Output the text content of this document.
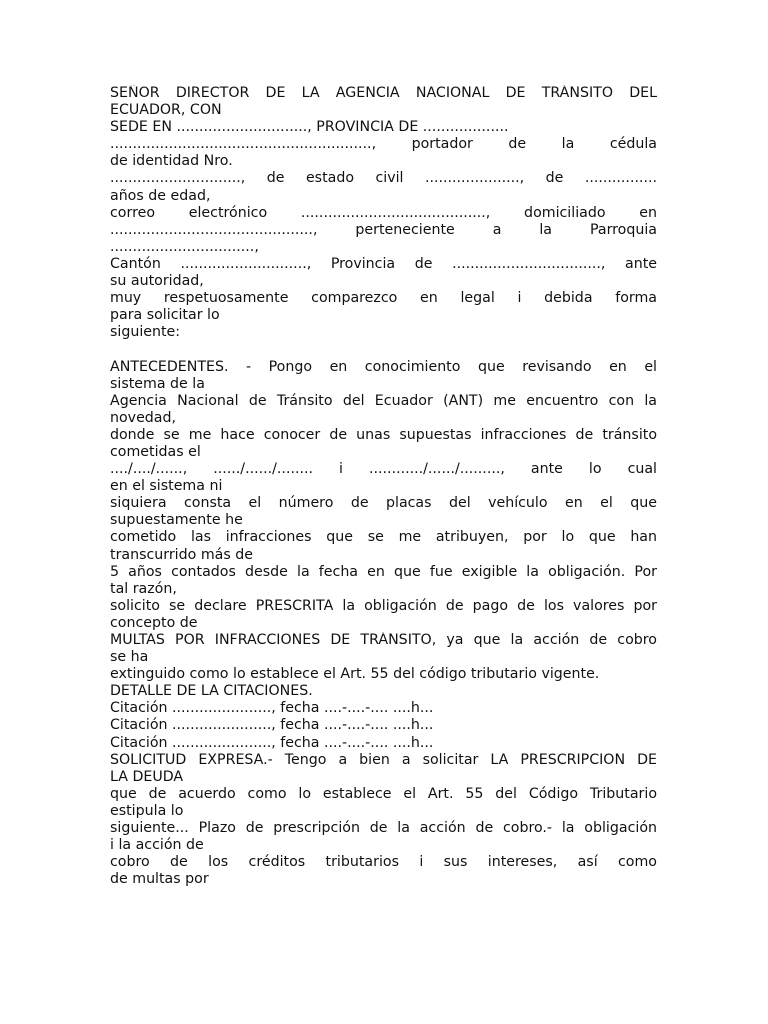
SEÑOR DIRECTOR DE LA AGENCIA NACIONAL DE TRÁNSITO DEL
ECUADOR, CON
SEDE EN ............................., PROVINCIA DE ...................
.........................................................., portador de la cédula
de identidad Nro.
............................., de estado civil ....................., de ................
años de edad,
correo electrónico ........................................., domiciliado en
............................................., perteneciente a la Parroquia
................................,
Cantón ............................, Provincia de ................................., ante
su autoridad,
muy respetuosamente comparezco en legal i debida forma
para solicitar lo
siguiente:
ANTECEDENTES. - Pongo en conocimiento que revisando en el
sistema de la
Agencia Nacional de Tránsito del Ecuador (ANT) me encuentro con la
novedad,
donde se me hace conocer de unas supuestas infracciones de tránsito
cometidas el
..../..../......, ....../....../........ i ............/....../........., ante lo cual
en el sistema ni
siquiera consta el número de placas del vehículo en el que
supuestamente he
cometido las infracciones que se me atribuyen, por lo que han
transcurrido más de
5 años contados desde la fecha en que fue exigible la obligación. Por
tal razón,
solicito se declare PRESCRITA la obligación de pago de los valores por
concepto de
MULTAS POR INFRACCIONES DE TRÁNSITO, ya que la acción de cobro
se ha
extinguido como lo establece el Art. 55 del código tributario vigente.
DETALLE DE LA CITACIONES.
Citación ......................, fecha ....-....-.... ....h...
Citación ......................, fecha ....-....-.... ....h...
Citación ......................, fecha ....-....-.... ....h...
SOLICITUD EXPRESA.- Tengo a bien a solicitar LA PRESCRIPCION DE
LA DEUDA
que de acuerdo como lo establece el Art. 55 del Código Tributario
estipula lo
siguiente... Plazo de prescripción de la acción de cobro.- la obligación
i la acción de
cobro de los créditos tributarios i sus intereses, así como
de multas por
